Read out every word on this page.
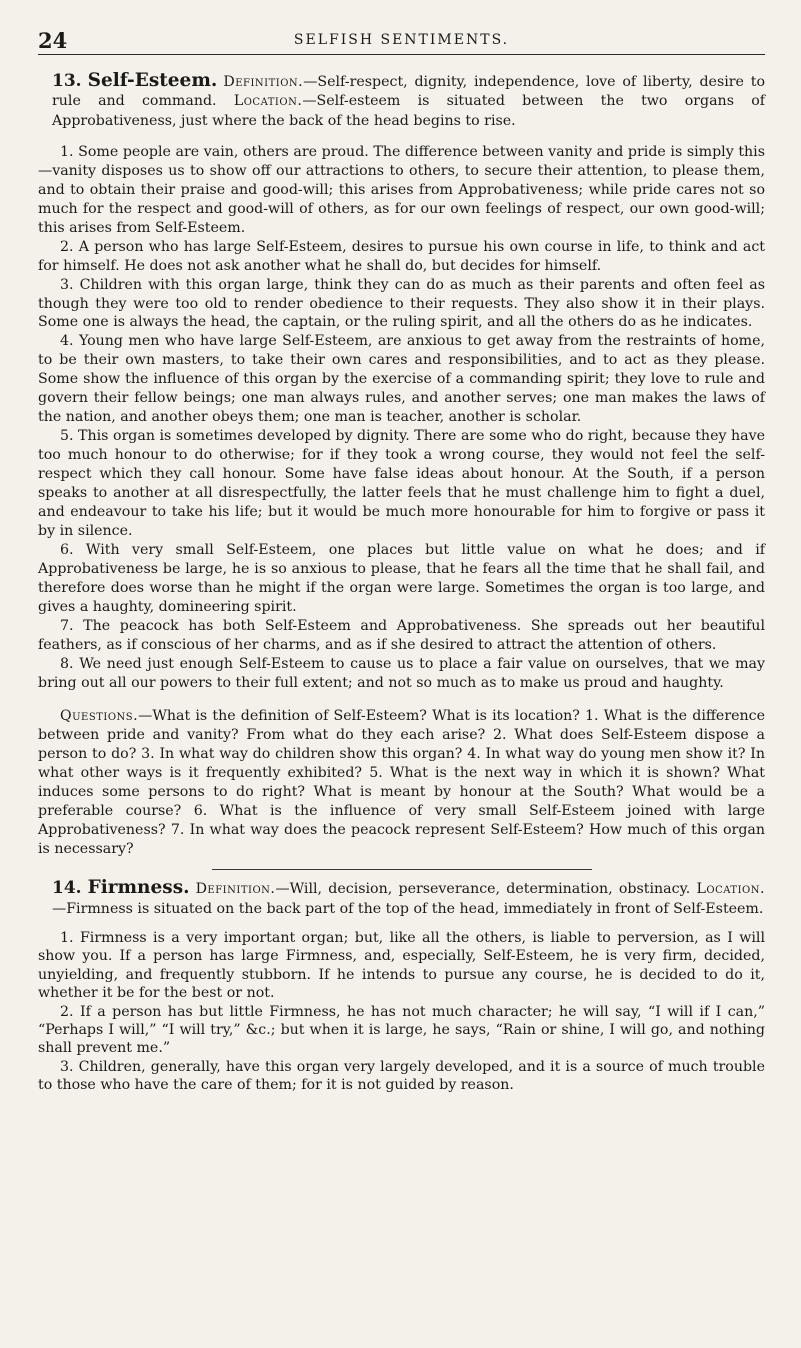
24	SELFISH SENTIMENTS.
13. Self-Esteem. Definition.—Self-respect, dignity, independence, love of liberty, desire to rule and command. Location.—Self-esteem is situated between the two organs of Approbativeness, just where the back of the head begins to rise.

1. Some people are vain, others are proud. The difference between vanity and pride is simply this—vanity disposes us to show off our attractions to others, to secure their attention, to please them, and to obtain their praise and good-will; this arises from Approbativeness; while pride cares not so much for the respect and good-will of others, as for our own feelings of respect, our own good-will; this arises from Self-Esteem.

2. A person who has large Self-Esteem, desires to pursue his own course in life, to think and act for himself. He does not ask another what he shall do, but decides for himself.

3. Children with this organ large, think they can do as much as their parents and often feel as though they were too old to render obedience to their requests. They also show it in their plays. Some one is always the head, the captain, or the ruling spirit, and all the others do as he indicates.

4. Young men who have large Self-Esteem, are anxious to get away from the restraints of home, to be their own masters, to take their own cares and responsibilities, and to act as they please. Some show the influence of this organ by the exercise of a commanding spirit; they love to rule and govern their fellow beings; one man always rules, and another serves; one man makes the laws of the nation, and another obeys them; one man is teacher, another is scholar.

5. This organ is sometimes developed by dignity. There are some who do right, because they have too much honour to do otherwise; for if they took a wrong course, they would not feel the self-respect which they call honour. Some have false ideas about honour. At the South, if a person speaks to another at all disrespectfully, the latter feels that he must challenge him to fight a duel, and endeavour to take his life; but it would be much more honourable for him to forgive or pass it by in silence.

6. With very small Self-Esteem, one places but little value on what he does; and if Approbativeness be large, he is so anxious to please, that he fears all the time that he shall fail, and therefore does worse than he might if the organ were large. Sometimes the organ is too large, and gives a haughty, domineering spirit.

7. The peacock has both Self-Esteem and Approbativeness. She spreads out her beautiful feathers, as if conscious of her charms, and as if she desired to attract the attention of others.

8. We need just enough Self-Esteem to cause us to place a fair value on ourselves, that we may bring out all our powers to their full extent; and not so much as to make us proud and haughty.

Questions.—What is the definition of Self-Esteem? What is its location? 1. What is the difference between pride and vanity? From what do they each arise? 2. What does Self-Esteem dispose a person to do? 3. In what way do children show this organ? 4. In what way do young men show it? In what other ways is it frequently exhibited? 5. What is the next way in which it is shown? What induces some persons to do right? What is meant by honour at the South? What would be a preferable course? 6. What is the influence of very small Self-Esteem joined with large Approbativeness? 7. In what way does the peacock represent Self-Esteem? How much of this organ is necessary?
14. Firmness. Definition.—Will, decision, perseverance, determination, obstinacy. Location.—Firmness is situated on the back part of the top of the head, immediately in front of Self-Esteem.

1. Firmness is a very important organ; but, like all the others, is liable to perversion, as I will show you. If a person has large Firmness, and, especially, Self-Esteem, he is very firm, decided, unyielding, and frequently stubborn. If he intends to pursue any course, he is decided to do it, whether it be for the best or not.

2. If a person has but little Firmness, he has not much character; he will say, “I will if I can,” “Perhaps I will,” “I will try,” &c.; but when it is large, he says, “Rain or shine, I will go, and nothing shall prevent me.”

3. Children, generally, have this organ very largely developed, and it is a source of much trouble to those who have the care of them; for it is not guided by reason.
